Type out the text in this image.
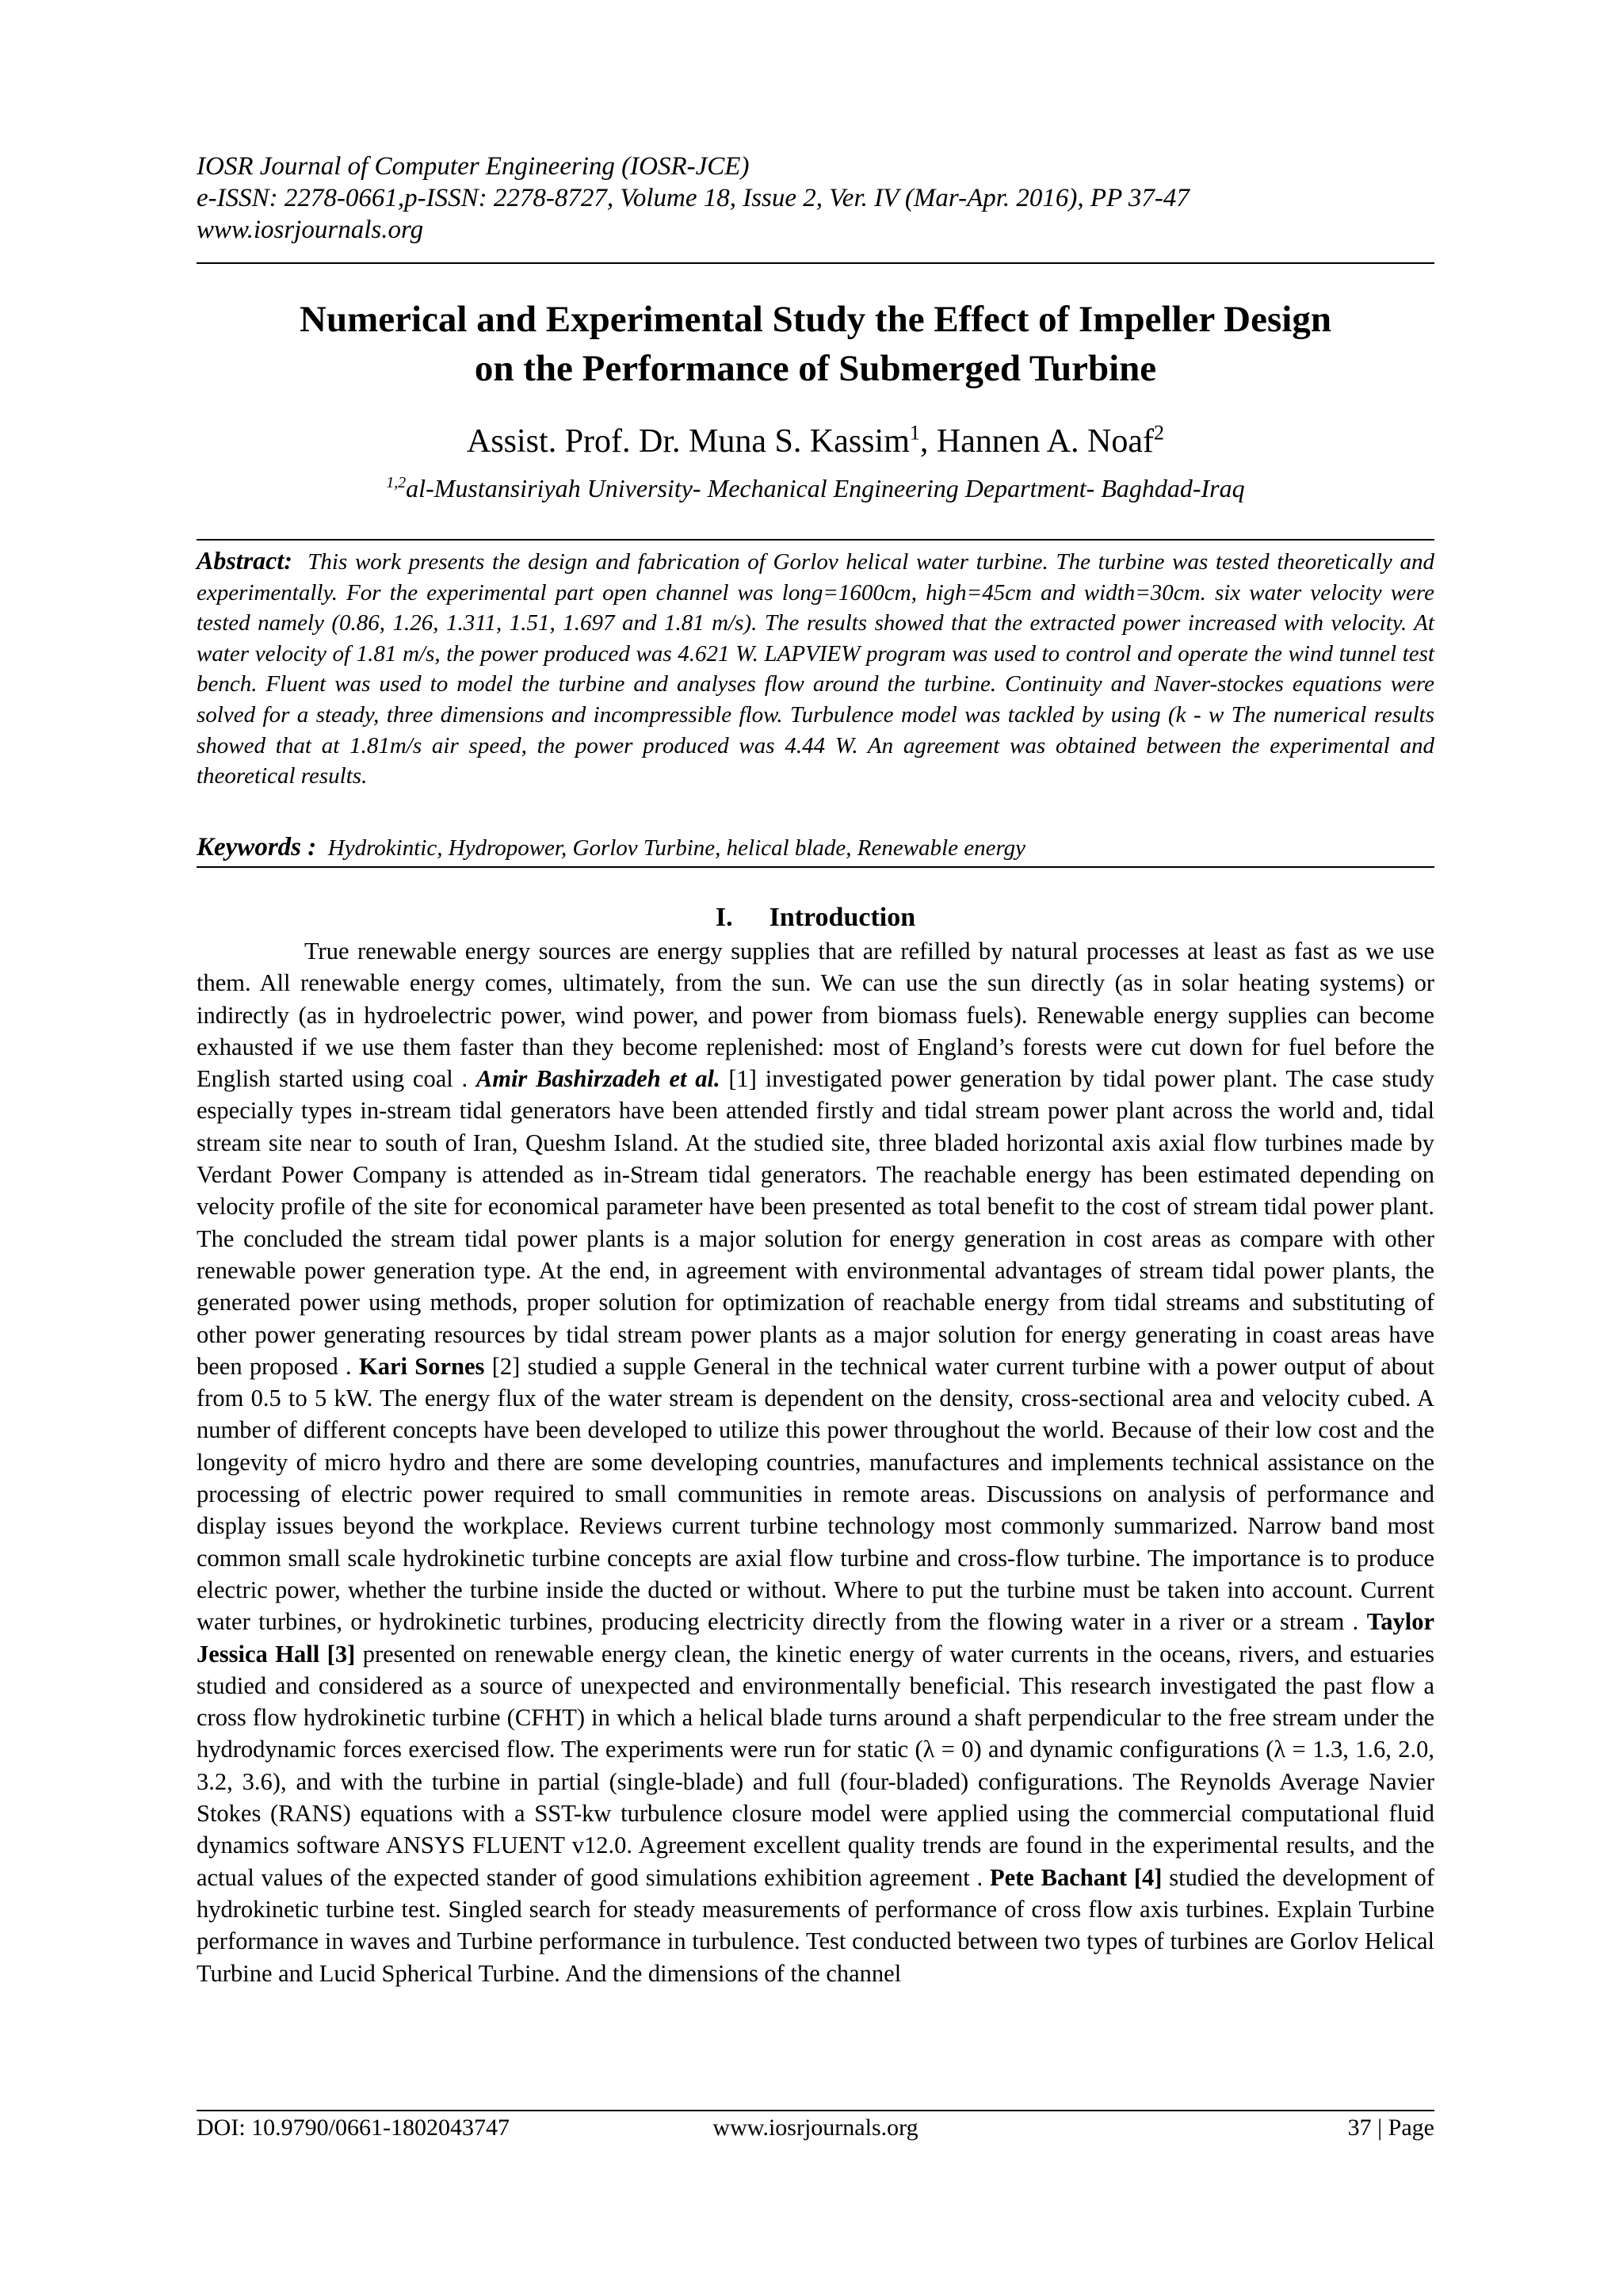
IOSR Journal of Computer Engineering (IOSR-JCE)
e-ISSN: 2278-0661,p-ISSN: 2278-8727, Volume 18, Issue 2, Ver. IV (Mar-Apr. 2016), PP 37-47
www.iosrjournals.org
Numerical and Experimental Study the Effect of Impeller Design
on the Performance of Submerged Turbine
Assist. Prof. Dr. Muna S. Kassim$^1$, Hannen A. Noaf$^2$
$^{1,2}$al-Mustansiriyah University- Mechanical Engineering Department- Baghdad-Iraq
Abstract: This work presents the design and fabrication of Gorlov helical water turbine. The turbine was tested theoretically and experimentally. For the experimental part open channel was long=1600cm, high=45cm and width=30cm. six water velocity were tested namely (0.86, 1.26, 1.311, 1.51, 1.697 and 1.81 m/s). The results showed that the extracted power increased with velocity. At water velocity of 1.81 m/s, the power produced was 4.621 W. LAPVIEW program was used to control and operate the wind tunnel test bench. Fluent was used to model the turbine and analyses flow around the turbine. Continuity and Naver-stockes equations were solved for a steady, three dimensions and incompressible flow. Turbulence model was tackled by using (k - w The numerical results showed that at 1.81m/s air speed, the power produced was 4.44 W. An agreement was obtained between the experimental and theoretical results.
Keywords : Hydrokintic, Hydropower, Gorlov Turbine, helical blade, Renewable energy
I. Introduction

True renewable energy sources are energy supplies that are refilled by natural processes at least as fast as we use them. All renewable energy comes, ultimately, from the sun. We can use the sun directly (as in solar heating systems) or indirectly (as in hydroelectric power, wind power, and power from biomass fuels). Renewable energy supplies can become exhausted if we use them faster than they become replenished: most of England’s forests were cut down for fuel before the English started using coal . Amir Bashirzadeh et al. [1] investigated power generation by tidal power plant. The case study especially types in-stream tidal generators have been attended firstly and tidal stream power plant across the world and, tidal stream site near to south of Iran, Queshm Island. At the studied site, three bladed horizontal axis axial flow turbines made by Verdant Power Company is attended as in-Stream tidal generators. The reachable energy has been estimated depending on velocity profile of the site for economical parameter have been presented as total benefit to the cost of stream tidal power plant. The concluded the stream tidal power plants is a major solution for energy generation in cost areas as compare with other renewable power generation type. At the end, in agreement with environmental advantages of stream tidal power plants, the generated power using methods, proper solution for optimization of reachable energy from tidal streams and substituting of other power generating resources by tidal stream power plants as a major solution for energy generating in coast areas have been proposed . Kari Sornes [2] studied a supple General in the technical water current turbine with a power output of about from 0.5 to 5 kW. The energy flux of the water stream is dependent on the density, cross-sectional area and velocity cubed. A number of different concepts have been developed to utilize this power throughout the world. Because of their low cost and the longevity of micro hydro and there are some developing countries, manufactures and implements technical assistance on the processing of electric power required to small communities in remote areas. Discussions on analysis of performance and display issues beyond the workplace. Reviews current turbine technology most commonly summarized. Narrow band most common small scale hydrokinetic turbine concepts are axial flow turbine and cross-flow turbine. The importance is to produce electric power, whether the turbine inside the ducted or without. Where to put the turbine must be taken into account. Current water turbines, or hydrokinetic turbines, producing electricity directly from the flowing water in a river or a stream . Taylor Jessica Hall [3] presented on renewable energy clean, the kinetic energy of water currents in the oceans, rivers, and estuaries studied and considered as a source of unexpected and environmentally beneficial. This research investigated the past flow a cross flow hydrokinetic turbine (CFHT) in which a helical blade turns around a shaft perpendicular to the free stream under the hydrodynamic forces exercised flow. The experiments were run for static (λ = 0) and dynamic configurations (λ = 1.3, 1.6, 2.0, 3.2, 3.6), and with the turbine in partial (single-blade) and full (four-bladed) configurations. The Reynolds Average Navier Stokes (RANS) equations with a SST-kw turbulence closure model were applied using the commercial computational fluid dynamics software ANSYS FLUENT v12.0. Agreement excellent quality trends are found in the experimental results, and the actual values of the expected stander of good simulations exhibition agreement . Pete Bachant [4] studied the development of hydrokinetic turbine test. Singled search for steady measurements of performance of cross flow axis turbines. Explain Turbine performance in waves and Turbine performance in turbulence. Test conducted between two types of turbines are Gorlov Helical Turbine and Lucid Spherical Turbine. And the dimensions of the channel

DOI: 10.9790/0661-1802043747	www.iosrjournals.org	37 | Page
